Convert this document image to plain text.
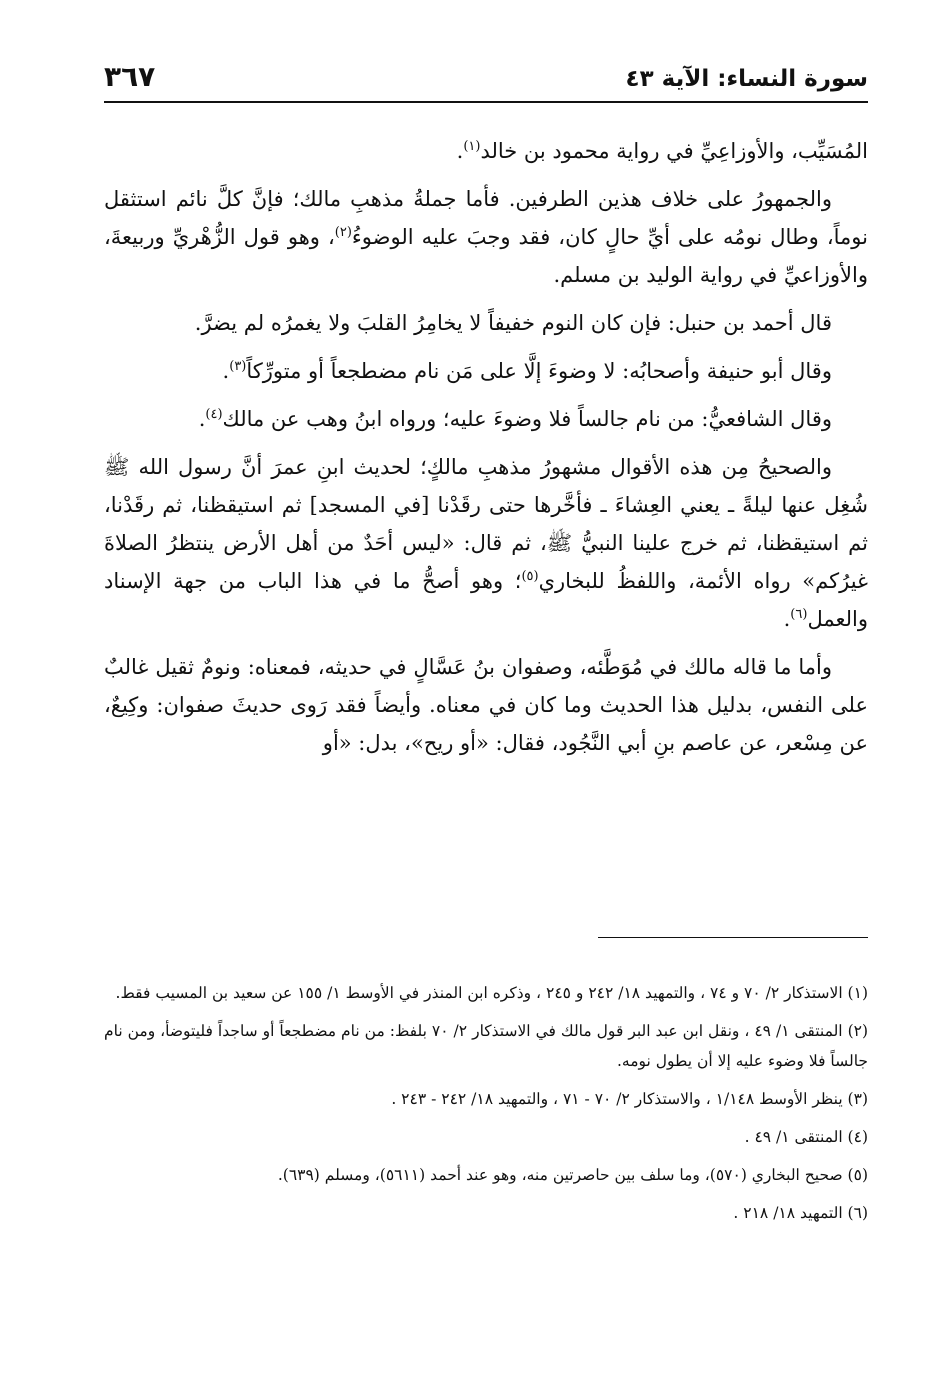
سورة النساء: الآية ٤٣
٣٦٧

المُسَيِّب، والأوزاعِيِّ في رواية محمود بن خالد$^{(١)}$.

والجمهورُ على خلاف هذين الطرفين. فأما جملةُ مذهبِ مالك؛ فإنَّ كلَّ نائم استثقل نوماً، وطال نومُه على أيِّ حالٍ كان، فقد وجبَ عليه الوضوءُ$^{(٢)}$، وهو قول الزُّهْريِّ وربيعةَ، والأوزاعيِّ في رواية الوليد بن مسلم.

قال أحمد بن حنبل: فإن كان النوم خفيفاً لا يخامِرُ القلبَ ولا يغمرُه لم يضرَّ.

وقال أبو حنيفة وأصحابُه: لا وضوءَ إلَّا على مَن نام مضطجعاً أو متورِّكاً$^{(٣)}$.

وقال الشافعيُّ: من نام جالساً فلا وضوءَ عليه؛ ورواه ابنُ وهب عن مالك$^{(٤)}$.

والصحيحُ مِن هذه الأقوال مشهورُ مذهبِ مالكٍ؛ لحديث ابنِ عمرَ أنَّ رسول الله ﷺ شُغِل عنها ليلةً ـ يعني العِشاءَ ـ فأخَّرها حتى رقَدْنا [في المسجد] ثم استيقظنا، ثم رقَدْنا، ثم استيقظنا، ثم خرج علينا النبيُّ ﷺ، ثم قال: «ليس أحَدٌ من أهل الأرض ينتظرُ الصلاةَ غيرُكم» رواه الأئمة، واللفظُ للبخاري$^{(٥)}$؛ وهو أصحُّ ما في هذا الباب من جهة الإسناد والعمل$^{(٦)}$.

وأما ما قاله مالك في مُوَطَّئه، وصفوان بنُ عَسَّالٍ في حديثه، فمعناه: ونومٌ ثقيل غالبٌ على النفس، بدليل هذا الحديث وما كان في معناه. وأيضاً فقد رَوى حديثَ صفوان: وكِيعٌ، عن مِسْعر، عن عاصم بنِ أبي النَّجُود، فقال: «أو ريح»، بدل: «أو

(١) الاستذكار ٢/ ٧٠ و ٧٤ ، والتمهيد ١٨/ ٢٤٢ و ٢٤٥ ، وذكره ابن المنذر في الأوسط ١/ ١٥٥ عن سعيد بن المسيب فقط.

(٢) المنتقى ١/ ٤٩ ، ونقل ابن عبد البر قول مالك في الاستذكار ٢/ ٧٠ بلفظ: من نام مضطجعاً أو ساجداً فليتوضأ، ومن نام جالساً فلا وضوء عليه إلا أن يطول نومه.

(٣) ينظر الأوسط ١/١٤٨ ، والاستذكار ٢/ ٧٠ - ٧١ ، والتمهيد ١٨/ ٢٤٢ - ٢٤٣ .

(٤) المنتقى ١/ ٤٩ .

(٥) صحيح البخاري (٥٧٠)، وما سلف بين حاصرتين منه، وهو عند أحمد (٥٦١١)، ومسلم (٦٣٩).

(٦) التمهيد ١٨/ ٢١٨ .
